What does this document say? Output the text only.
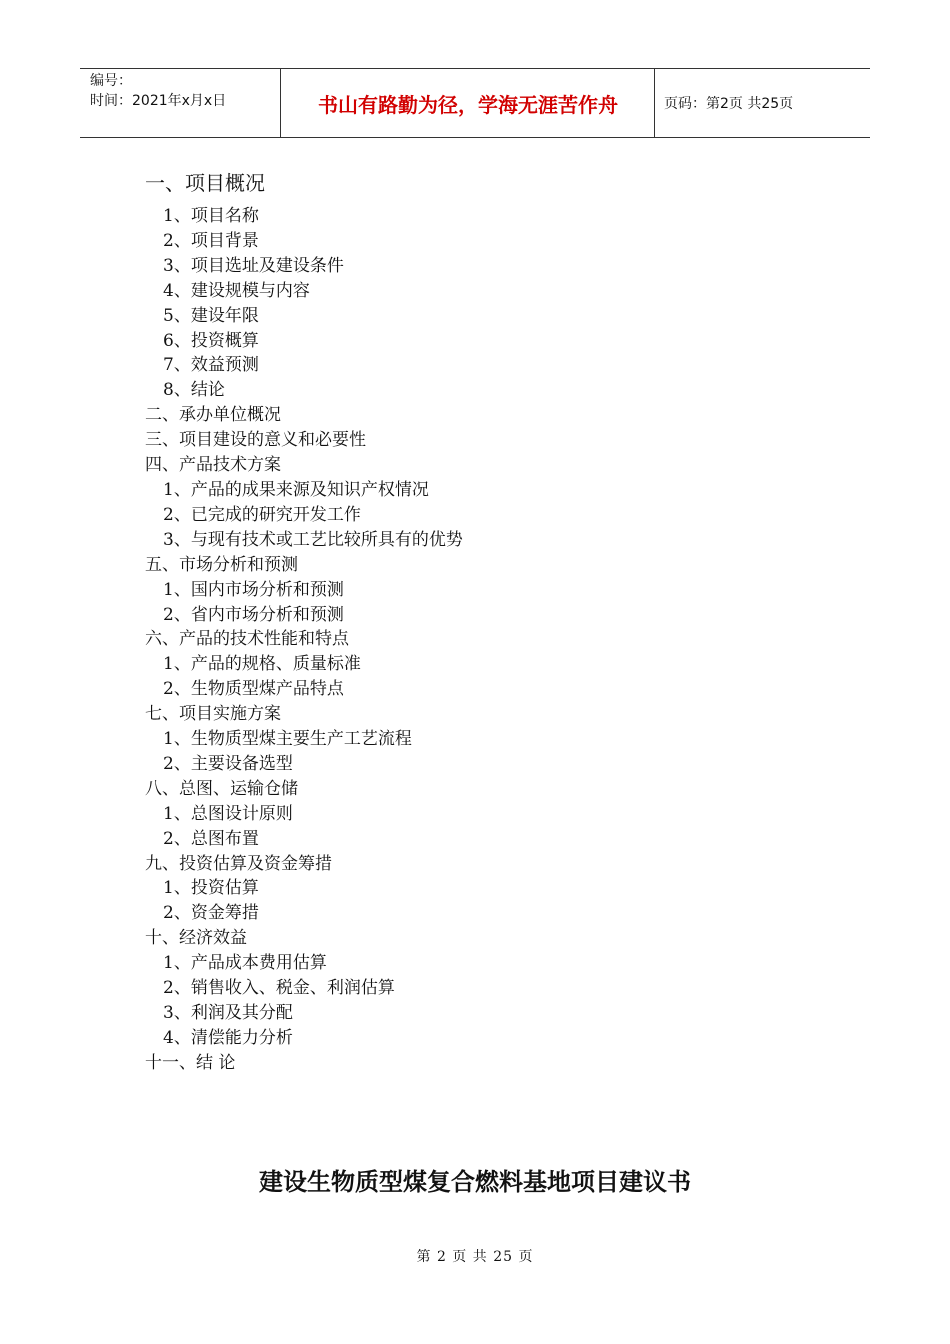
编号：
时间：2021年x月x日	书山有路勤为径，学海无涯苦作舟	页码：第2页 共25页
一、项目概况
1、项目名称
2、项目背景
3、项目选址及建设条件
4、建设规模与内容
5、建设年限
6、投资概算
7、效益预测
8、结论
二、承办单位概况
三、项目建设的意义和必要性
四、产品技术方案
1、产品的成果来源及知识产权情况
2、已完成的研究开发工作
3、与现有技术或工艺比较所具有的优势
五、市场分析和预测
1、国内市场分析和预测
2、省内市场分析和预测
六、产品的技术性能和特点
1、产品的规格、质量标准
2、生物质型煤产品特点
七、项目实施方案
1、生物质型煤主要生产工艺流程
2、主要设备选型
八、总图、运输仓储
1、总图设计原则
2、总图布置
九、投资估算及资金筹措
1、投资估算
2、资金筹措
十、经济效益
1、产品成本费用估算
2、销售收入、税金、利润估算
3、利润及其分配
4、清偿能力分析
十一、结 论
建设生物质型煤复合燃料基地项目建议书
第 2 页 共 25 页
